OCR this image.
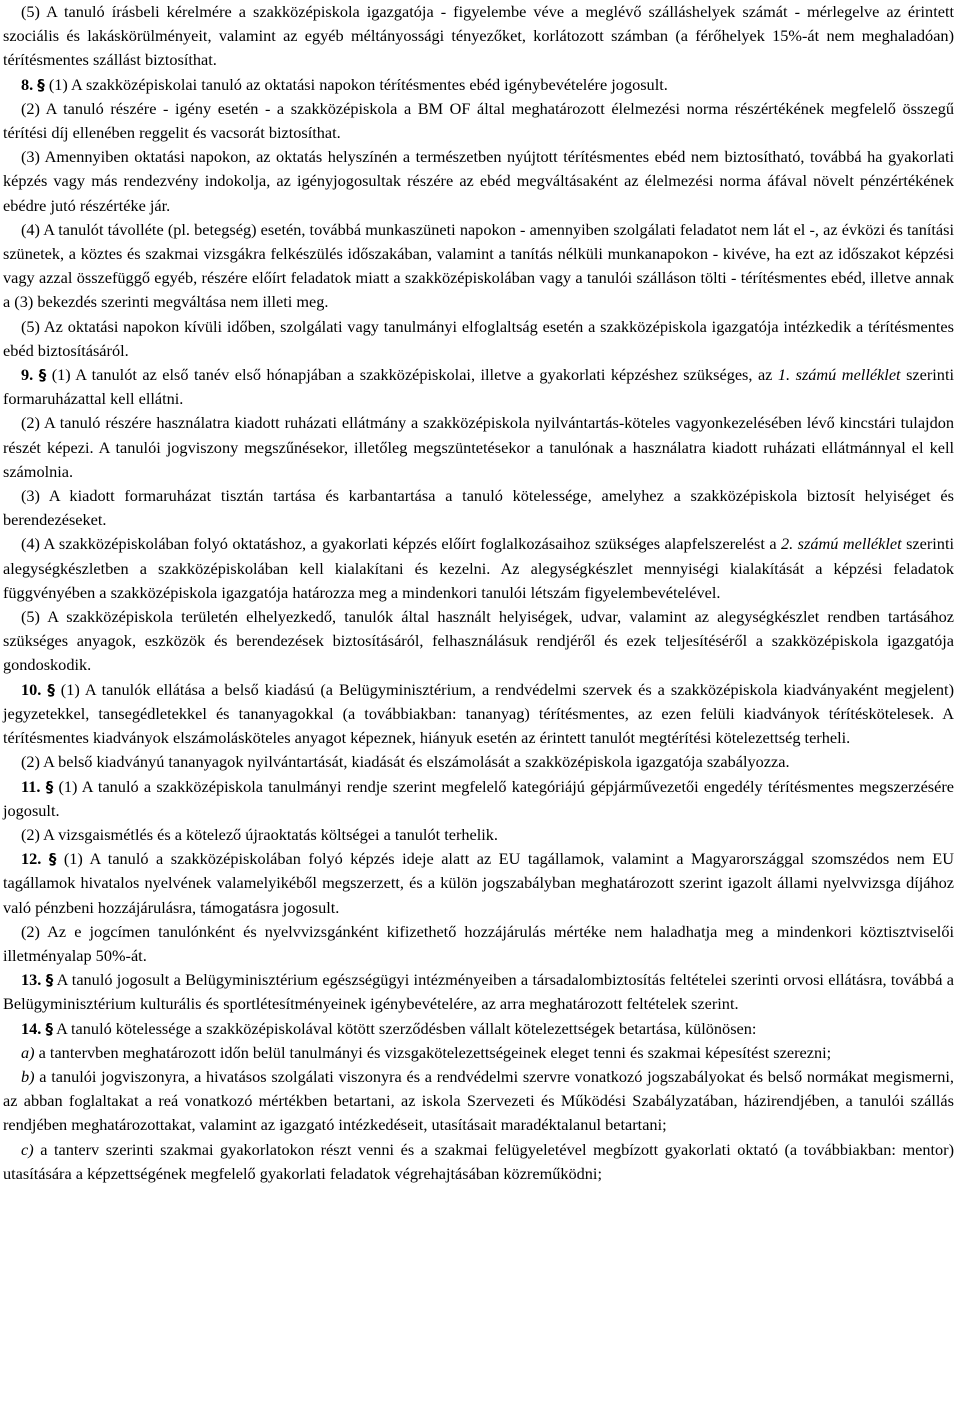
(5) A tanuló írásbeli kérelmére a szakközépiskola igazgatója - figyelembe véve a meglévő szálláshelyek számát - mérlegelve az érintett szociális és lakáskörülményeit, valamint az egyéb méltányossági tényezőket, korlátozott számban (a férőhelyek 15%-át nem meghaladóan) térítésmentes szállást biztosíthat.

8. § (1) A szakközépiskolai tanuló az oktatási napokon térítésmentes ebéd igénybevételére jogosult.

(2) A tanuló részére - igény esetén - a szakközépiskola a BM OF által meghatározott élelmezési norma részértékének megfelelő összegű térítési díj ellenében reggelit és vacsorát biztosíthat.

(3) Amennyiben oktatási napokon, az oktatás helyszínén a természetben nyújtott térítésmentes ebéd nem biztosítható, továbbá ha gyakorlati képzés vagy más rendezvény indokolja, az igényjogosultak részére az ebéd megváltásaként az élelmezési norma áfával növelt pénzértékének ebédre jutó részértéke jár.

(4) A tanulót távolléte (pl. betegség) esetén, továbbá munkaszüneti napokon - amennyiben szolgálati feladatot nem lát el -, az évközi és tanítási szünetek, a köztes és szakmai vizsgákra felkészülés időszakában, valamint a tanítás nélküli munkanapokon - kivéve, ha ezt az időszakot képzési vagy azzal összefüggő egyéb, részére előírt feladatok miatt a szakközépiskolában vagy a tanulói szálláson tölti - térítésmentes ebéd, illetve annak a (3) bekezdés szerinti megváltása nem illeti meg.

(5) Az oktatási napokon kívüli időben, szolgálati vagy tanulmányi elfoglaltság esetén a szakközépiskola igazgatója intézkedik a térítésmentes ebéd biztosításáról.

9. § (1) A tanulót az első tanév első hónapjában a szakközépiskolai, illetve a gyakorlati képzéshez szükséges, az 1. számú melléklet szerinti formaruházattal kell ellátni.

(2) A tanuló részére használatra kiadott ruházati ellátmány a szakközépiskola nyilvántartás-köteles vagyonkezelésében lévő kincstári tulajdon részét képezi. A tanulói jogviszony megszűnésekor, illetőleg megszüntetésekor a tanulónak a használatra kiadott ruházati ellátmánnyal el kell számolnia.

(3) A kiadott formaruházat tisztán tartása és karbantartása a tanuló kötelessége, amelyhez a szakközépiskola biztosít helyiséget és berendezéseket.

(4) A szakközépiskolában folyó oktatáshoz, a gyakorlati képzés előírt foglalkozásaihoz szükséges alapfelszerelést a 2. számú melléklet szerinti alegységkészletben a szakközépiskolában kell kialakítani és kezelni. Az alegységkészlet mennyiségi kialakítását a képzési feladatok függvényében a szakközépiskola igazgatója határozza meg a mindenkori tanulói létszám figyelembevételével.

(5) A szakközépiskola területén elhelyezkedő, tanulók által használt helyiségek, udvar, valamint az alegységkészlet rendben tartásához szükséges anyagok, eszközök és berendezések biztosításáról, felhasználásuk rendjéről és ezek teljesítéséről a szakközépiskola igazgatója gondoskodik.

10. § (1) A tanulók ellátása a belső kiadású (a Belügyminisztérium, a rendvédelmi szervek és a szakközépiskola kiadványaként megjelent) jegyzetekkel, tansegédletekkel és tananyagokkal (a továbbiakban: tananyag) térítésmentes, az ezen felüli kiadványok térítéskötelesek. A térítésmentes kiadványok elszámolásköteles anyagot képeznek, hiányuk esetén az érintett tanulót megtérítési kötelezettség terheli.

(2) A belső kiadványú tananyagok nyilvántartását, kiadását és elszámolását a szakközépiskola igazgatója szabályozza.

11. § (1) A tanuló a szakközépiskola tanulmányi rendje szerint megfelelő kategóriájú gépjárművezetői engedély térítésmentes megszerzésére jogosult.

(2) A vizsgaismétlés és a kötelező újraoktatás költségei a tanulót terhelik.

12. § (1) A tanuló a szakközépiskolában folyó képzés ideje alatt az EU tagállamok, valamint a Magyarországgal szomszédos nem EU tagállamok hivatalos nyelvének valamelyikéből megszerzett, és a külön jogszabályban meghatározott szerint igazolt állami nyelvvizsga díjához való pénzbeni hozzájárulásra, támogatásra jogosult.

(2) Az e jogcímen tanulónként és nyelvvizsgánként kifizethető hozzájárulás mértéke nem haladhatja meg a mindenkori köztisztviselői illetményalap 50%-át.

13. § A tanuló jogosult a Belügyminisztérium egészségügyi intézményeiben a társadalombiztosítás feltételei szerinti orvosi ellátásra, továbbá a Belügyminisztérium kulturális és sportlétesítményeinek igénybevételére, az arra meghatározott feltételek szerint.

14. § A tanuló kötelessége a szakközépiskolával kötött szerződésben vállalt kötelezettségek betartása, különösen:

a) a tantervben meghatározott időn belül tanulmányi és vizsgakötelezettségeinek eleget tenni és szakmai képesítést szerezni;

b) a tanulói jogviszonyra, a hivatásos szolgálati viszonyra és a rendvédelmi szervre vonatkozó jogszabályokat és belső normákat megismerni, az abban foglaltakat a reá vonatkozó mértékben betartani, az iskola Szervezeti és Működési Szabályzatában, házirendjében, a tanulói szállás rendjében meghatározottakat, valamint az igazgató intézkedéseit, utasításait maradéktalanul betartani;

c) a tanterv szerinti szakmai gyakorlatokon részt venni és a szakmai felügyeletével megbízott gyakorlati oktató (a továbbiakban: mentor) utasítására a képzettségének megfelelő gyakorlati feladatok végrehajtásában közreműködni;
